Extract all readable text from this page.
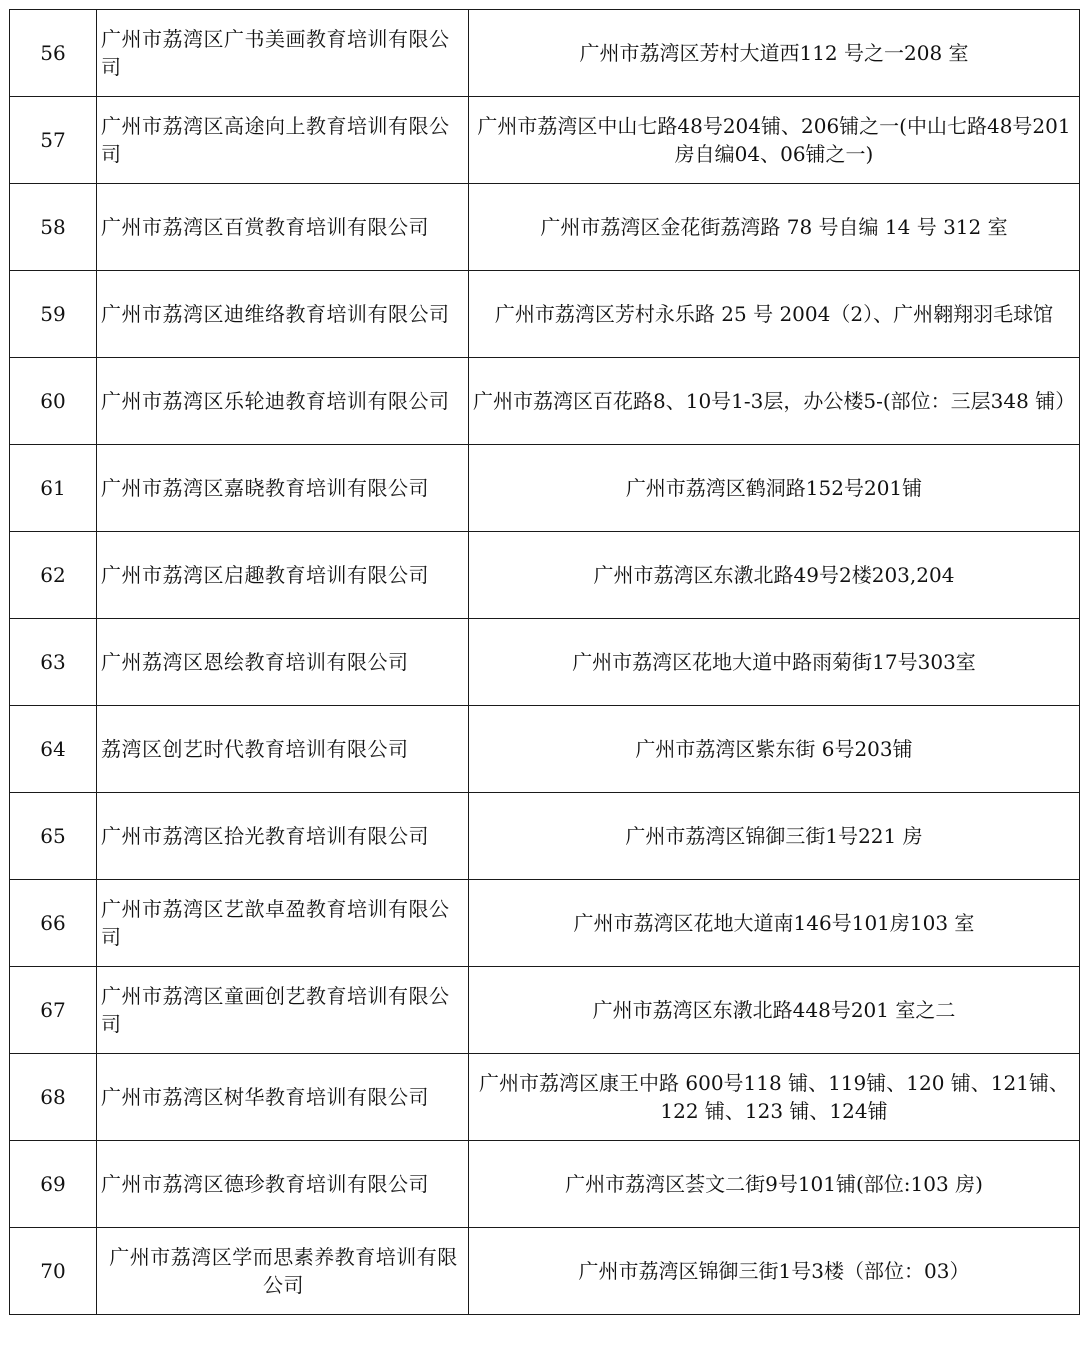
56	广州市荔湾区广书美画教育培训有限公司	广州市荔湾区芳村大道西112 号之一208 室
57	广州市荔湾区高途向上教育培训有限公司	广州市荔湾区中山七路48号204铺、206铺之一(中山七路48号201房自编04、06铺之一)
58	广州市荔湾区百赏教育培训有限公司	广州市荔湾区金花街荔湾路 78 号自编 14 号 312 室
59	广州市荔湾区迪维络教育培训有限公司	广州市荔湾区芳村永乐路 25 号 2004（2）、广州翱翔羽毛球馆
60	广州市荔湾区乐轮迪教育培训有限公司	广州市荔湾区百花路8、10号1-3层，办公楼5-(部位：三层348 铺）
61	广州市荔湾区嘉晓教育培训有限公司	广州市荔湾区鹤洞路152号201铺
62	广州市荔湾区启趣教育培训有限公司	广州市荔湾区东漖北路49号2楼203,204
63	广州荔湾区恩绘教育培训有限公司	广州市荔湾区花地大道中路雨菊街17号303室
64	荔湾区创艺时代教育培训有限公司	广州市荔湾区紫东街 6号203铺
65	广州市荔湾区拾光教育培训有限公司	广州市荔湾区锦御三街1号221 房
66	广州市荔湾区艺歆卓盈教育培训有限公司	广州市荔湾区花地大道南146号101房103 室
67	广州市荔湾区童画创艺教育培训有限公司	广州市荔湾区东漖北路448号201 室之二
68	广州市荔湾区树华教育培训有限公司	广州市荔湾区康王中路 600号118 铺、119铺、120 铺、121铺、122 铺、123 铺、124铺
69	广州市荔湾区德珍教育培训有限公司	广州市荔湾区荟文二街9号101铺(部位:103 房)
70	广州市荔湾区学而思素养教育培训有限公司	广州市荔湾区锦御三街1号3楼（部位：03）
